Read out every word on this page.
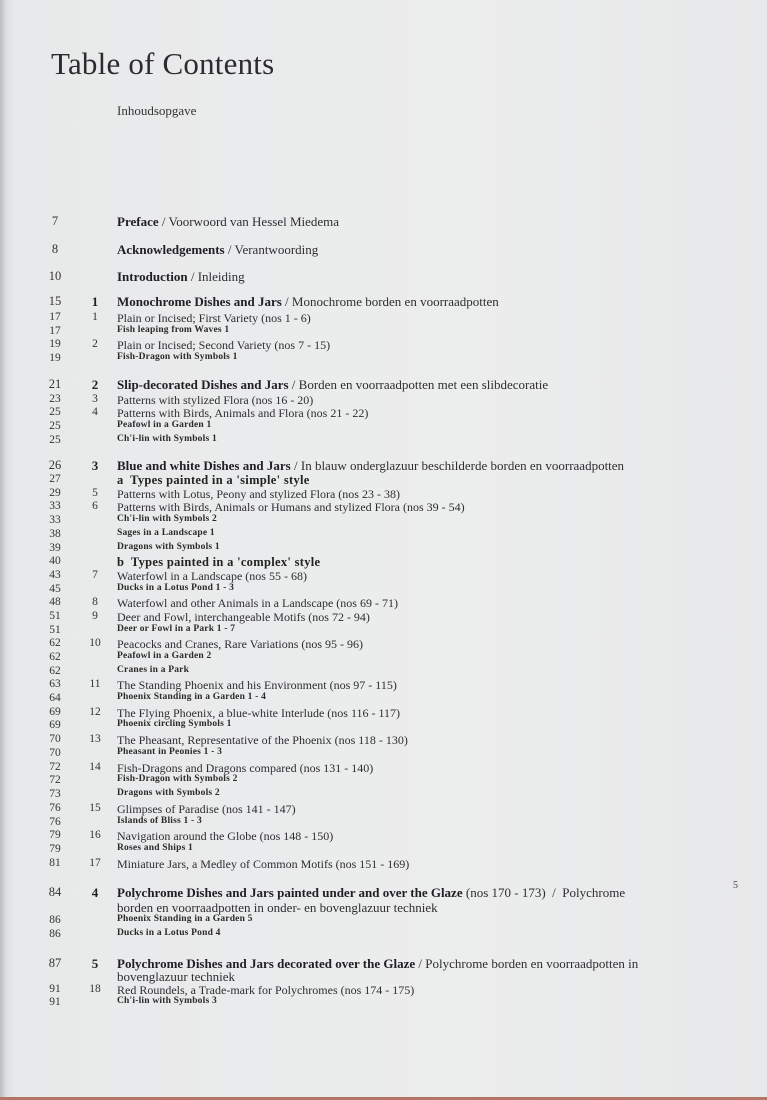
Table of Contents
Inhoudsopgave
7	Preface / Voorwoord van Hessel Miedema
8	Acknowledgements / Verantwoording
10	Introduction / Inleiding
15	1	Monochrome Dishes and Jars / Monochrome borden en voorraadpotten
17	1	Plain or Incised; First Variety (nos 1 - 6)
17	Fish leaping from Waves 1
19	2	Plain or Incised; Second Variety (nos 7 - 15)
19	Fish-Dragon with Symbols 1
21	2	Slip-decorated Dishes and Jars / Borden en voorraadpotten met een slibdecoratie
23	3	Patterns with stylized Flora (nos 16 - 20)
25	4	Patterns with Birds, Animals and Flora (nos 21 - 22)
25	Peafowl in a Garden 1
25	Ch'i-lin with Symbols 1
26	3	Blue and white Dishes and Jars / In blauw onderglazuur beschilderde borden en voorraadpotten
27	a  Types painted in a 'simple' style
29	5	Patterns with Lotus, Peony and stylized Flora (nos 23 - 38)
33	6	Patterns with Birds, Animals or Humans and stylized Flora (nos 39 - 54)
33	Ch'i-lin with Symbols 2
38	Sages in a Landscape 1
39	Dragons with Symbols 1
40	b  Types painted in a 'complex' style
43	7	Waterfowl in a Landscape (nos 55 - 68)
45	Ducks in a Lotus Pond 1 - 3
48	8	Waterfowl and other Animals in a Landscape (nos 69 - 71)
51	9	Deer and Fowl, interchangeable Motifs (nos 72 - 94)
51	Deer or Fowl in a Park 1 - 7
62	10	Peacocks and Cranes, Rare Variations (nos 95 - 96)
62	Peafowl in a Garden 2
62	Cranes in a Park
63	11	The Standing Phoenix and his Environment (nos 97 - 115)
64	Phoenix Standing in a Garden 1 - 4
69	12	The Flying Phoenix, a blue-white Interlude (nos 116 - 117)
69	Phoenix circling Symbols 1
70	13	The Pheasant, Representative of the Phoenix (nos 118 - 130)
70	Pheasant in Peonies 1 - 3
72	14	Fish-Dragons and Dragons compared (nos 131 - 140)
72	Fish-Dragon with Symbols 2
73	Dragons with Symbols 2
76	15	Glimpses of Paradise (nos 141 - 147)
76	Islands of Bliss 1 - 3
79	16	Navigation around the Globe (nos 148 - 150)
79	Roses and Ships 1
81	17	Miniature Jars, a Medley of Common Motifs (nos 151 - 169)
84	4	Polychrome Dishes and Jars painted under and over the Glaze (nos 170 - 173)  /  Polychrome
borden en voorraadpotten in onder- en bovenglazuur techniek
86	Phoenix Standing in a Garden 5
86	Ducks in a Lotus Pond 4
87	5	Polychrome Dishes and Jars decorated over the Glaze / Polychrome borden en voorraadpotten in
bovenglazuur techniek
91	18	Red Roundels, a Trade-mark for Polychromes (nos 174 - 175)
91	Ch'i-lin with Symbols 3
5
